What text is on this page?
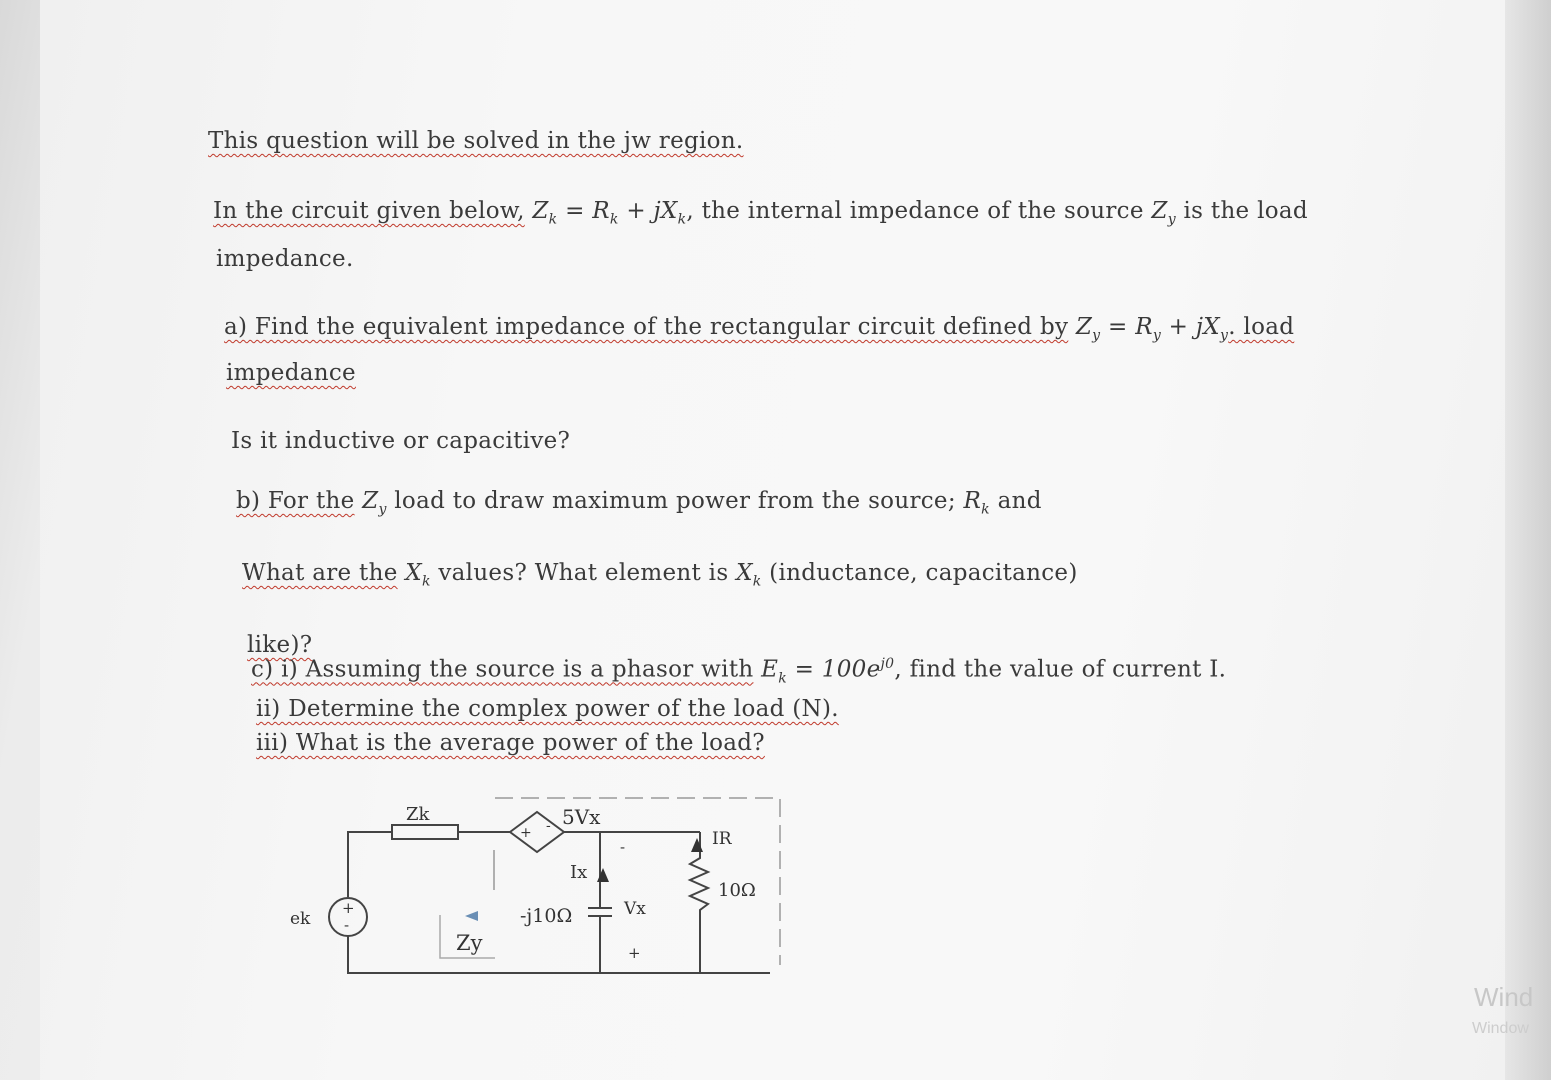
This question will be solved in the jw region.
In the circuit given below, $Z_k = R_k + jX_k$, the internal impedance of the source $Z_y$ is the load
impedance.
a) Find the equivalent impedance of the rectangular circuit defined by $Z_y = R_y + jX_y$. load
impedance
Is it inductive or capacitive?
b) For the $Z_y$ load to draw maximum power from the source; $R_k$ and
What are the $X_k$ values? What element is $X_k$ (inductance, capacitance)
like)?
c) i) Assuming the source is a phasor with $E_k = 100e^{j0}$, find the value of current I.
ii) Determine the complex power of the load (N).
iii) What is the average power of the load?
Zk	5Vx
+ -
IR
Ix
10Ω
ek
+
-	-j10Ω	Vx
-
+
Zy
Wind
Window
